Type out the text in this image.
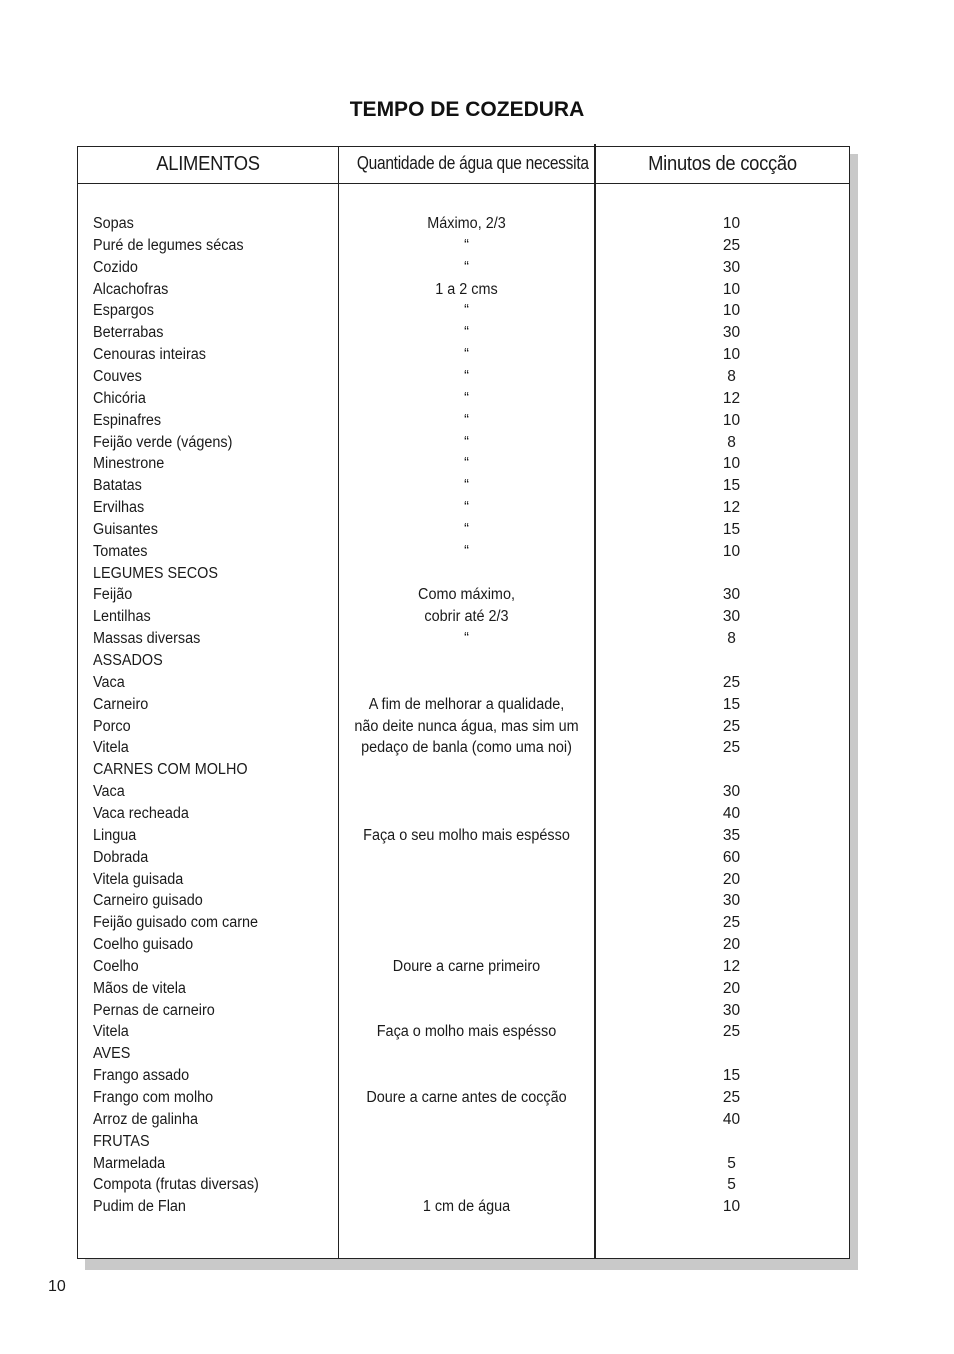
TEMPO DE COZEDURA
ALIMENTOS	Quantidade de água que necessita	Minutos de cocção
Sopas
Puré de legumes sécas
Cozido
Alcachofras
Espargos
Beterrabas
Cenouras inteiras
Couves
Chicória
Espinafres
Feijão verde (vágens)
Minestrone
Batatas
Ervilhas
Guisantes
Tomates
LEGUMES SECOS
Feijão
Lentilhas
Massas diversas
ASSADOS
Vaca
Carneiro
Porco
Vitela
CARNES COM MOLHO
Vaca
Vaca recheada
Lingua
Dobrada
Vitela guisada
Carneiro guisado
Feijão guisado com carne
Coelho guisado
Coelho
Mãos de vitela
Pernas de carneiro
Vitela
AVES
Frango assado
Frango com molho
Arroz de galinha
FRUTAS
Marmelada
Compota (frutas diversas)
Pudim de Flan
Máximo, 2/3
“
“
1 a 2 cms
“
“
“
“
“
“
“
“
“
“
“
“
Como máximo,
cobrir até 2/3
“
A fim de melhorar a qualidade,
não deite nunca água, mas sim um
pedaço de banla (como uma noi)
Faça o seu molho mais espésso
Doure a carne primeiro
Faça o molho mais espésso
Doure a carne antes de cocção
1 cm de água
10
25
30
10
10
30
10
8
12
10
8
10
15
12
15
10
30
30
8
25
15
25
25
30
40
35
60
20
30
25
20
12
20
30
25
15
25
40
5
5
10
10
